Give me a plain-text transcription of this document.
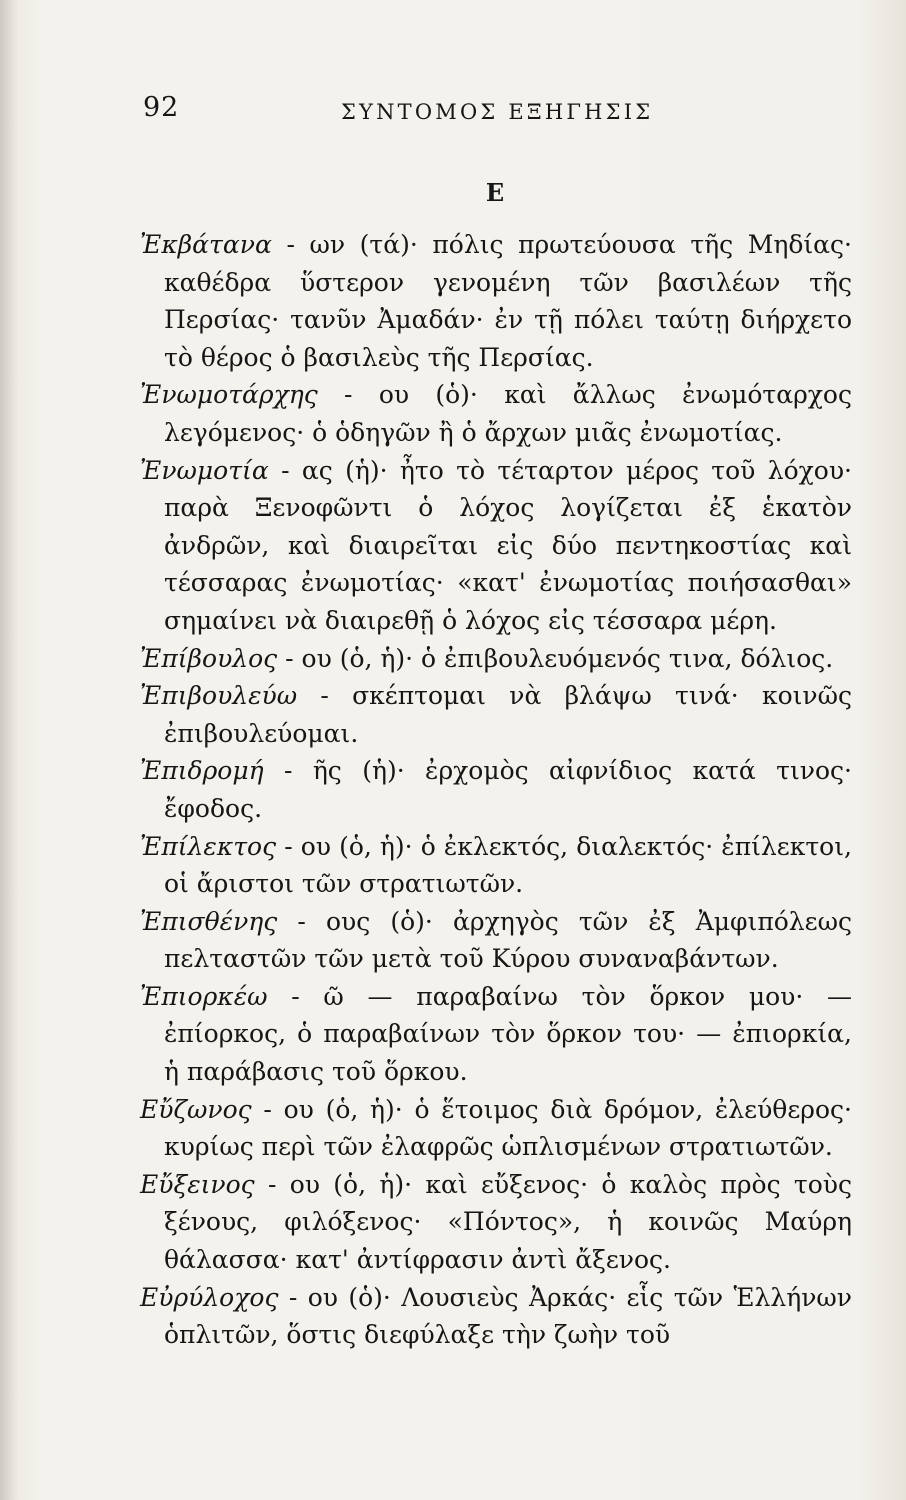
92	ΣΥΝΤΟΜΟΣ ΕΞΗΓΗΣΙΣ
Ε

Ἐκβάτανα - ων (τά)· πόλις πρωτεύουσα τῆς Μηδίας· καθέδρα ὕστερον γενομένη τῶν βασιλέων τῆς Περσίας· τανῦν Ἀμαδάν· ἐν τῇ πόλει ταύτῃ διήρχετο τὸ θέρος ὁ βασιλεὺς τῆς Περσίας.

Ἐνωμοτάρχης - ου (ὁ)· καὶ ἄλλως ἐνωμόταρχος λεγόμενος· ὁ ὁδηγῶν ἢ ὁ ἄρχων μιᾶς ἐνωμοτίας.

Ἐνωμοτία - ας (ἡ)· ἦτο τὸ τέταρτον μέρος τοῦ λόχου· παρὰ Ξενοφῶντι ὁ λόχος λογίζεται ἐξ ἑκατὸν ἀνδρῶν, καὶ διαιρεῖται εἰς δύο πεντηκοστίας καὶ τέσσαρας ἐνωμοτίας· «κατ' ἐνωμοτίας ποιήσασθαι» σημαίνει νὰ διαιρεθῇ ὁ λόχος εἰς τέσσαρα μέρη.

Ἐπίβουλος - ου (ὁ, ἡ)· ὁ ἐπιβουλευόμενός τινα, δόλιος.

Ἐπιβουλεύω - σκέπτομαι νὰ βλάψω τινά· κοινῶς ἐπιβουλεύομαι.

Ἐπιδρομή - ῆς (ἡ)· ἐρχομὸς αἰφνίδιος κατά τινος· ἔφοδος.

Ἐπίλεκτος - ου (ὁ, ἡ)· ὁ ἐκλεκτός, διαλεκτός· ἐπίλεκτοι, οἱ ἄριστοι τῶν στρατιωτῶν.

Ἐπισθένης - ους (ὁ)· ἀρχηγὸς τῶν ἐξ Ἀμφιπόλεως πελταστῶν τῶν μετὰ τοῦ Κύρου συναναβάντων.

Ἐπιορκέω - ῶ — παραβαίνω τὸν ὅρκον μου· — ἐπίορκος, ὁ παραβαίνων τὸν ὅρκον του· — ἐπιορκία, ἡ παράβασις τοῦ ὅρκου.

Εὔζωνος - ου (ὁ, ἡ)· ὁ ἕτοιμος διὰ δρόμον, ἐλεύθερος· κυρίως περὶ τῶν ἐλαφρῶς ὡπλισμένων στρατιωτῶν.

Εὔξεινος - ου (ὁ, ἡ)· καὶ εὔξενος· ὁ καλὸς πρὸς τοὺς ξένους, φιλόξενος· «Πόντος», ἡ κοινῶς Μαύρη θάλασσα· κατ' ἀντίφρασιν ἀντὶ ἄξενος.

Εὐρύλοχος - ου (ὁ)· Λουσιεὺς Ἀρκάς· εἷς τῶν Ἑλλήνων ὁπλιτῶν, ὅστις διεφύλαξε τὴν ζωὴν τοῦ
